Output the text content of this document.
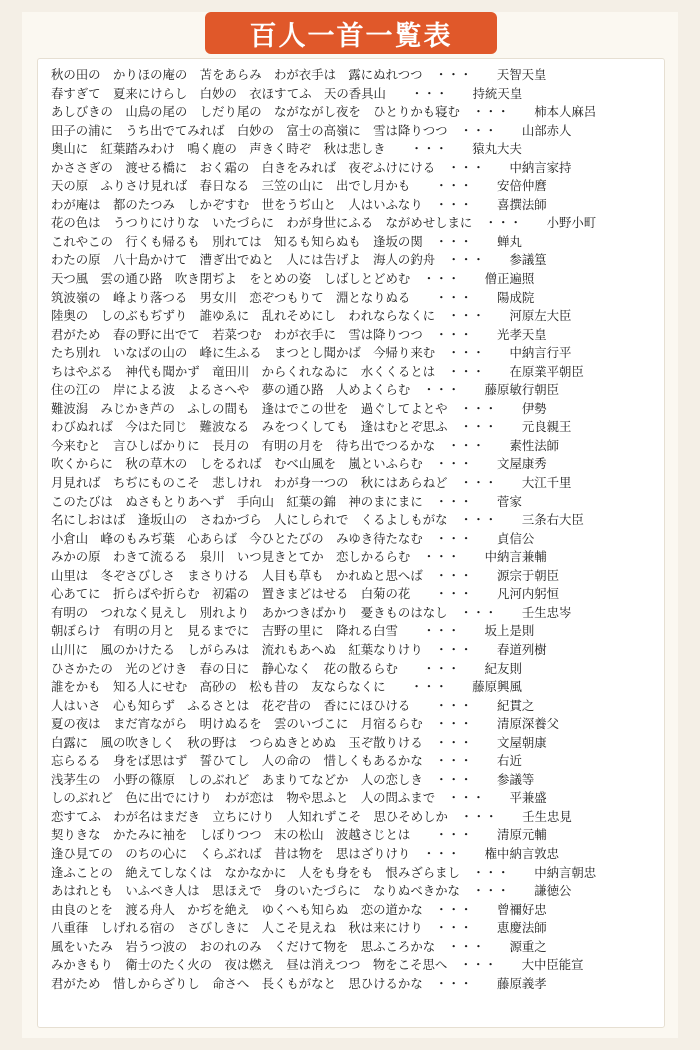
百人一首一覧表
秋の田の　かりほの庵の　苫をあらみ　わが衣手は　露にぬれつつ　・・・　　天智天皇
春すぎて　夏来にけらし　白妙の　衣ほすてふ　天の香具山　　・・・　　持統天皇
あしびきの　山鳥の尾の　しだり尾の　ながながし夜を　ひとりかも寝む　・・・　　柿本人麻呂
田子の浦に　うち出でてみれば　白妙の　富士の高嶺に　雪は降りつつ　・・・　　山部赤人
奥山に　紅葉踏みわけ　鳴く鹿の　声きく時ぞ　秋は悲しき　　・・・　　猿丸大夫
かささぎの　渡せる橋に　おく霜の　白きをみれば　夜ぞふけにける　・・・　　中納言家持
天の原　ふりさけ見れば　春日なる　三笠の山に　出でし月かも　　・・・　　安倍仲麿
わが庵は　都のたつみ　しかぞすむ　世をうぢ山と　人はいふなり　・・・　　喜撰法師
花の色は　うつりにけりな　いたづらに　わが身世にふる　ながめせしまに　・・・　　小野小町
これやこの　行くも帰るも　別れては　知るも知らぬも　逢坂の関　・・・　　蝉丸
わたの原　八十島かけて　漕ぎ出でぬと　人には告げよ　海人の釣舟　・・・　　参議篁
天つ風　雲の通ひ路　吹き閉ぢよ　をとめの姿　しばしとどめむ　・・・　　僧正遍照
筑波嶺の　峰より落つる　男女川　恋ぞつもりて　淵となりぬる　　・・・　　陽成院
陸奥の　しのぶもぢずり　誰ゆゑに　乱れそめにし　われならなくに　・・・　　河原左大臣
君がため　春の野に出でて　若菜つむ　わが衣手に　雪は降りつつ　・・・　　光孝天皇
たち別れ　いなばの山の　峰に生ふる　まつとし聞かば　今帰り来む　・・・　　中納言行平
ちはやぶる　神代も聞かず　竜田川　からくれなゐに　水くくるとは　・・・　　在原業平朝臣
住の江の　岸による波　よるさへや　夢の通ひ路　人めよくらむ　・・・　　藤原敏行朝臣
難波潟　みじかき芦の　ふしの間も　逢はでこの世を　過ぐしてよとや　・・・　　伊勢
わびぬれば　今はた同じ　難波なる　みをつくしても　逢はむとぞ思ふ　・・・　　元良親王
今来むと　言ひしばかりに　長月の　有明の月を　待ち出でつるかな　・・・　　素性法師
吹くからに　秋の草木の　しをるれば　むべ山風を　嵐といふらむ　・・・　　文屋康秀
月見れば　ちぢにものこそ　悲しけれ　わが身一つの　秋にはあらねど　・・・　　大江千里
このたびは　ぬさもとりあへず　手向山　紅葉の錦　神のまにまに　・・・　　菅家
名にしおはば　逢坂山の　さねかづら　人にしられで　くるよしもがな　・・・　　三条右大臣
小倉山　峰のもみぢ葉　心あらば　今ひとたびの　みゆき待たなむ　・・・　　貞信公
みかの原　わきて流るる　泉川　いつ見きとてか　恋しかるらむ　・・・　　中納言兼輔
山里は　冬ぞさびしさ　まさりける　人目も草も　かれぬと思へば　・・・　　源宗于朝臣
心あてに　折らばや折らむ　初霜の　置きまどはせる　白菊の花　　・・・　　凡河内躬恒
有明の　つれなく見えし　別れより　あかつきばかり　憂きものはなし　・・・　　壬生忠岑
朝ぼらけ　有明の月と　見るまでに　吉野の里に　降れる白雪　　・・・　　坂上是則
山川に　風のかけたる　しがらみは　流れもあへぬ　紅葉なりけり　・・・　　春道列樹
ひさかたの　光のどけき　春の日に　静心なく　花の散るらむ　　・・・　　紀友則
誰をかも　知る人にせむ　高砂の　松も昔の　友ならなくに　　・・・　　藤原興風
人はいさ　心も知らず　ふるさとは　花ぞ昔の　香ににほひける　　・・・　　紀貫之
夏の夜は　まだ宵ながら　明けぬるを　雲のいづこに　月宿るらむ　・・・　　清原深養父
白露に　風の吹きしく　秋の野は　つらぬきとめぬ　玉ぞ散りける　・・・　　文屋朝康
忘らるる　身をば思はず　誓ひてし　人の命の　惜しくもあるかな　・・・　　右近
浅茅生の　小野の篠原　しのぶれど　あまりてなどか　人の恋しき　・・・　　参議等
しのぶれど　色に出でにけり　わが恋は　物や思ふと　人の問ふまで　・・・　　平兼盛
恋すてふ　わが名はまだき　立ちにけり　人知れずこそ　思ひそめしか　・・・　　壬生忠見
契りきな　かたみに袖を　しぼりつつ　末の松山　波越さじとは　　・・・　　清原元輔
逢ひ見ての　のちの心に　くらぶれば　昔は物を　思はざりけり　・・・　　権中納言敦忠
逢ふことの　絶えてしなくは　なかなかに　人をも身をも　恨みざらまし　・・・　　中納言朝忠
あはれとも　いふべき人は　思ほえで　身のいたづらに　なりぬべきかな　・・・　　謙徳公
由良のとを　渡る舟人　かぢを絶え　ゆくへも知らぬ　恋の道かな　・・・　　曾禰好忠
八重葎　しげれる宿の　さびしきに　人こそ見えね　秋は来にけり　・・・　　恵慶法師
風をいたみ　岩うつ波の　おのれのみ　くだけて物を　思ふころかな　・・・　　源重之
みかきもり　衛士のたく火の　夜は燃え　昼は消えつつ　物をこそ思へ　・・・　　大中臣能宣
君がため　惜しからざりし　命さへ　長くもがなと　思ひけるかな　・・・　　藤原義孝
